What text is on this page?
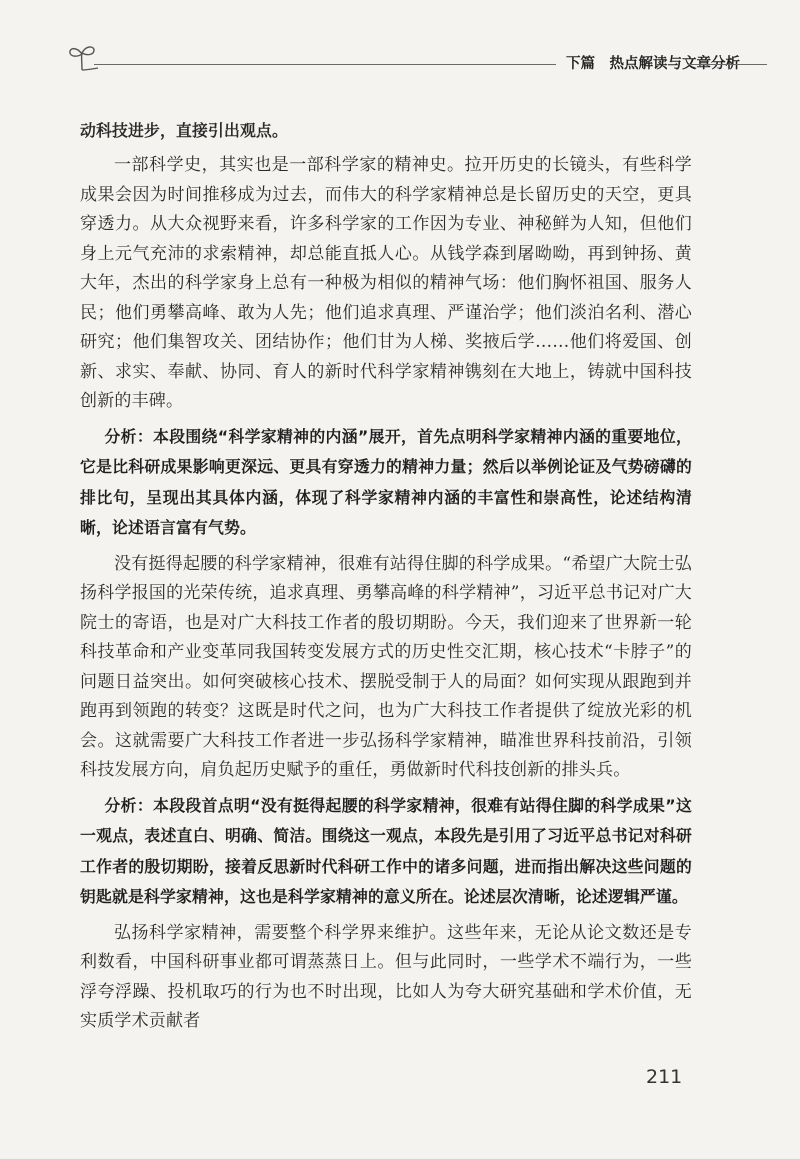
下篇　热点解读与文章分析

动科技进步，直接引出观点。

一部科学史，其实也是一部科学家的精神史。拉开历史的长镜头，有些科学成果会因为时间推移成为过去，而伟大的科学家精神总是长留历史的天空，更具穿透力。从大众视野来看，许多科学家的工作因为专业、神秘鲜为人知，但他们身上元气充沛的求索精神，却总能直抵人心。从钱学森到屠呦呦，再到钟扬、黄大年，杰出的科学家身上总有一种极为相似的精神气场：他们胸怀祖国、服务人民；他们勇攀高峰、敢为人先；他们追求真理、严谨治学；他们淡泊名利、潜心研究；他们集智攻关、团结协作；他们甘为人梯、奖掖后学……他们将爱国、创新、求实、奉献、协同、育人的新时代科学家精神镌刻在大地上，铸就中国科技创新的丰碑。

分析：本段围绕“科学家精神的内涵”展开，首先点明科学家精神内涵的重要地位，它是比科研成果影响更深远、更具有穿透力的精神力量；然后以举例论证及气势磅礴的排比句，呈现出其具体内涵，体现了科学家精神内涵的丰富性和崇高性，论述结构清晰，论述语言富有气势。

没有挺得起腰的科学家精神，很难有站得住脚的科学成果。“希望广大院士弘扬科学报国的光荣传统，追求真理、勇攀高峰的科学精神”，习近平总书记对广大院士的寄语，也是对广大科技工作者的殷切期盼。今天，我们迎来了世界新一轮科技革命和产业变革同我国转变发展方式的历史性交汇期，核心技术“卡脖子”的问题日益突出。如何突破核心技术、摆脱受制于人的局面？如何实现从跟跑到并跑再到领跑的转变？这既是时代之问，也为广大科技工作者提供了绽放光彩的机会。这就需要广大科技工作者进一步弘扬科学家精神，瞄准世界科技前沿，引领科技发展方向，肩负起历史赋予的重任，勇做新时代科技创新的排头兵。

分析：本段段首点明“没有挺得起腰的科学家精神，很难有站得住脚的科学成果”这一观点，表述直白、明确、简洁。围绕这一观点，本段先是引用了习近平总书记对科研工作者的殷切期盼，接着反思新时代科研工作中的诸多问题，进而指出解决这些问题的钥匙就是科学家精神，这也是科学家精神的意义所在。论述层次清晰，论述逻辑严谨。

弘扬科学家精神，需要整个科学界来维护。这些年来，无论从论文数还是专利数看，中国科研事业都可谓蒸蒸日上。但与此同时，一些学术不端行为，一些浮夸浮躁、投机取巧的行为也不时出现，比如人为夸大研究基础和学术价值，无实质学术贡献者

211
